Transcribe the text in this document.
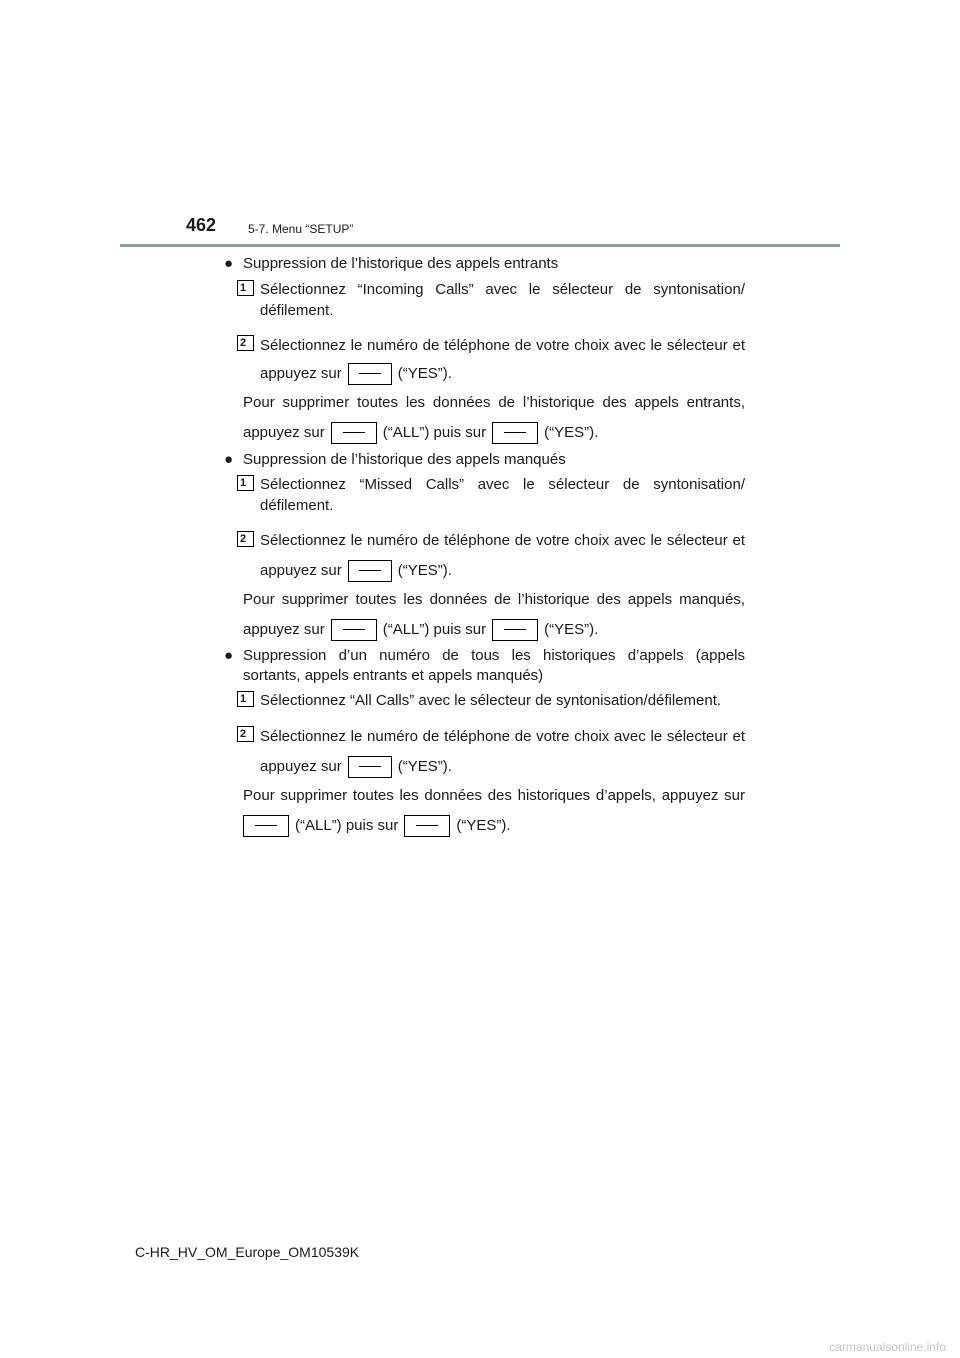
462	5-7. Menu “SETUP”
● Suppression de l’historique des appels entrants
1 Sélectionnez “Incoming Calls” avec le sélecteur de syntonisation/
défilement.
2 Sélectionnez le numéro de téléphone de votre choix avec le sélecteur et
appuyez sur	(“YES”).
Pour supprimer toutes les données de l’historique des appels entrants,
appuyez sur	(“ALL”) puis sur	(“YES”).
● Suppression de l’historique des appels manqués
1 Sélectionnez “Missed Calls” avec le sélecteur de syntonisation/
défilement.
2 Sélectionnez le numéro de téléphone de votre choix avec le sélecteur et
appuyez sur	(“YES”).
Pour supprimer toutes les données de l’historique des appels manqués,
appuyez sur	(“ALL”) puis sur	(“YES”).
● Suppression d’un numéro de tous les historiques d’appels (appels
sortants, appels entrants et appels manqués)
1 Sélectionnez “All Calls” avec le sélecteur de syntonisation/défilement.
2 Sélectionnez le numéro de téléphone de votre choix avec le sélecteur et
appuyez sur	(“YES”).
Pour supprimer toutes les données des historiques d’appels, appuyez sur
(“ALL”) puis sur	(“YES”).
C-HR_HV_OM_Europe_OM10539K
carmanualsonline.info
